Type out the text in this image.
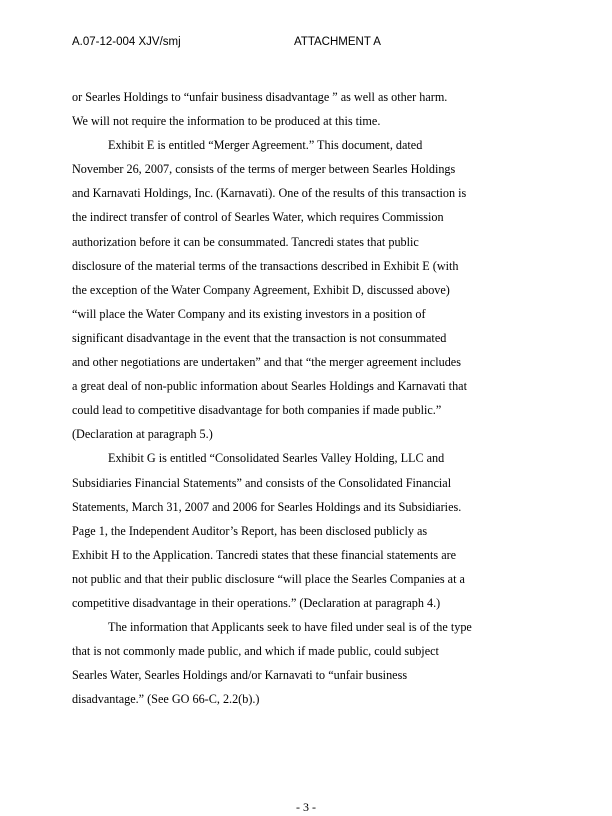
A.07-12-004 XJV/smj	ATTACHMENT A

or Searles Holdings to “unfair business disadvantage ” as well as other harm.
We will not require the information to be produced at this time.

Exhibit E is entitled “Merger Agreement.” This document, dated
November 26, 2007, consists of the terms of merger between Searles Holdings
and Karnavati Holdings, Inc. (Karnavati). One of the results of this transaction is
the indirect transfer of control of Searles Water, which requires Commission
authorization before it can be consummated. Tancredi states that public
disclosure of the material terms of the transactions described in Exhibit E (with
the exception of the Water Company Agreement, Exhibit D, discussed above)
“will place the Water Company and its existing investors in a position of
significant disadvantage in the event that the transaction is not consummated
and other negotiations are undertaken” and that “the merger agreement includes
a great deal of non-public information about Searles Holdings and Karnavati that
could lead to competitive disadvantage for both companies if made public.”
(Declaration at paragraph 5.)

Exhibit G is entitled “Consolidated Searles Valley Holding, LLC and
Subsidiaries Financial Statements” and consists of the Consolidated Financial
Statements, March 31, 2007 and 2006 for Searles Holdings and its Subsidiaries.
Page 1, the Independent Auditor’s Report, has been disclosed publicly as
Exhibit H to the Application. Tancredi states that these financial statements are
not public and that their public disclosure “will place the Searles Companies at a
competitive disadvantage in their operations.” (Declaration at paragraph 4.)

The information that Applicants seek to have filed under seal is of the type
that is not commonly made public, and which if made public, could subject
Searles Water, Searles Holdings and/or Karnavati to “unfair business
disadvantage.” (See GO 66-C, 2.2(b).)

- 3 -
